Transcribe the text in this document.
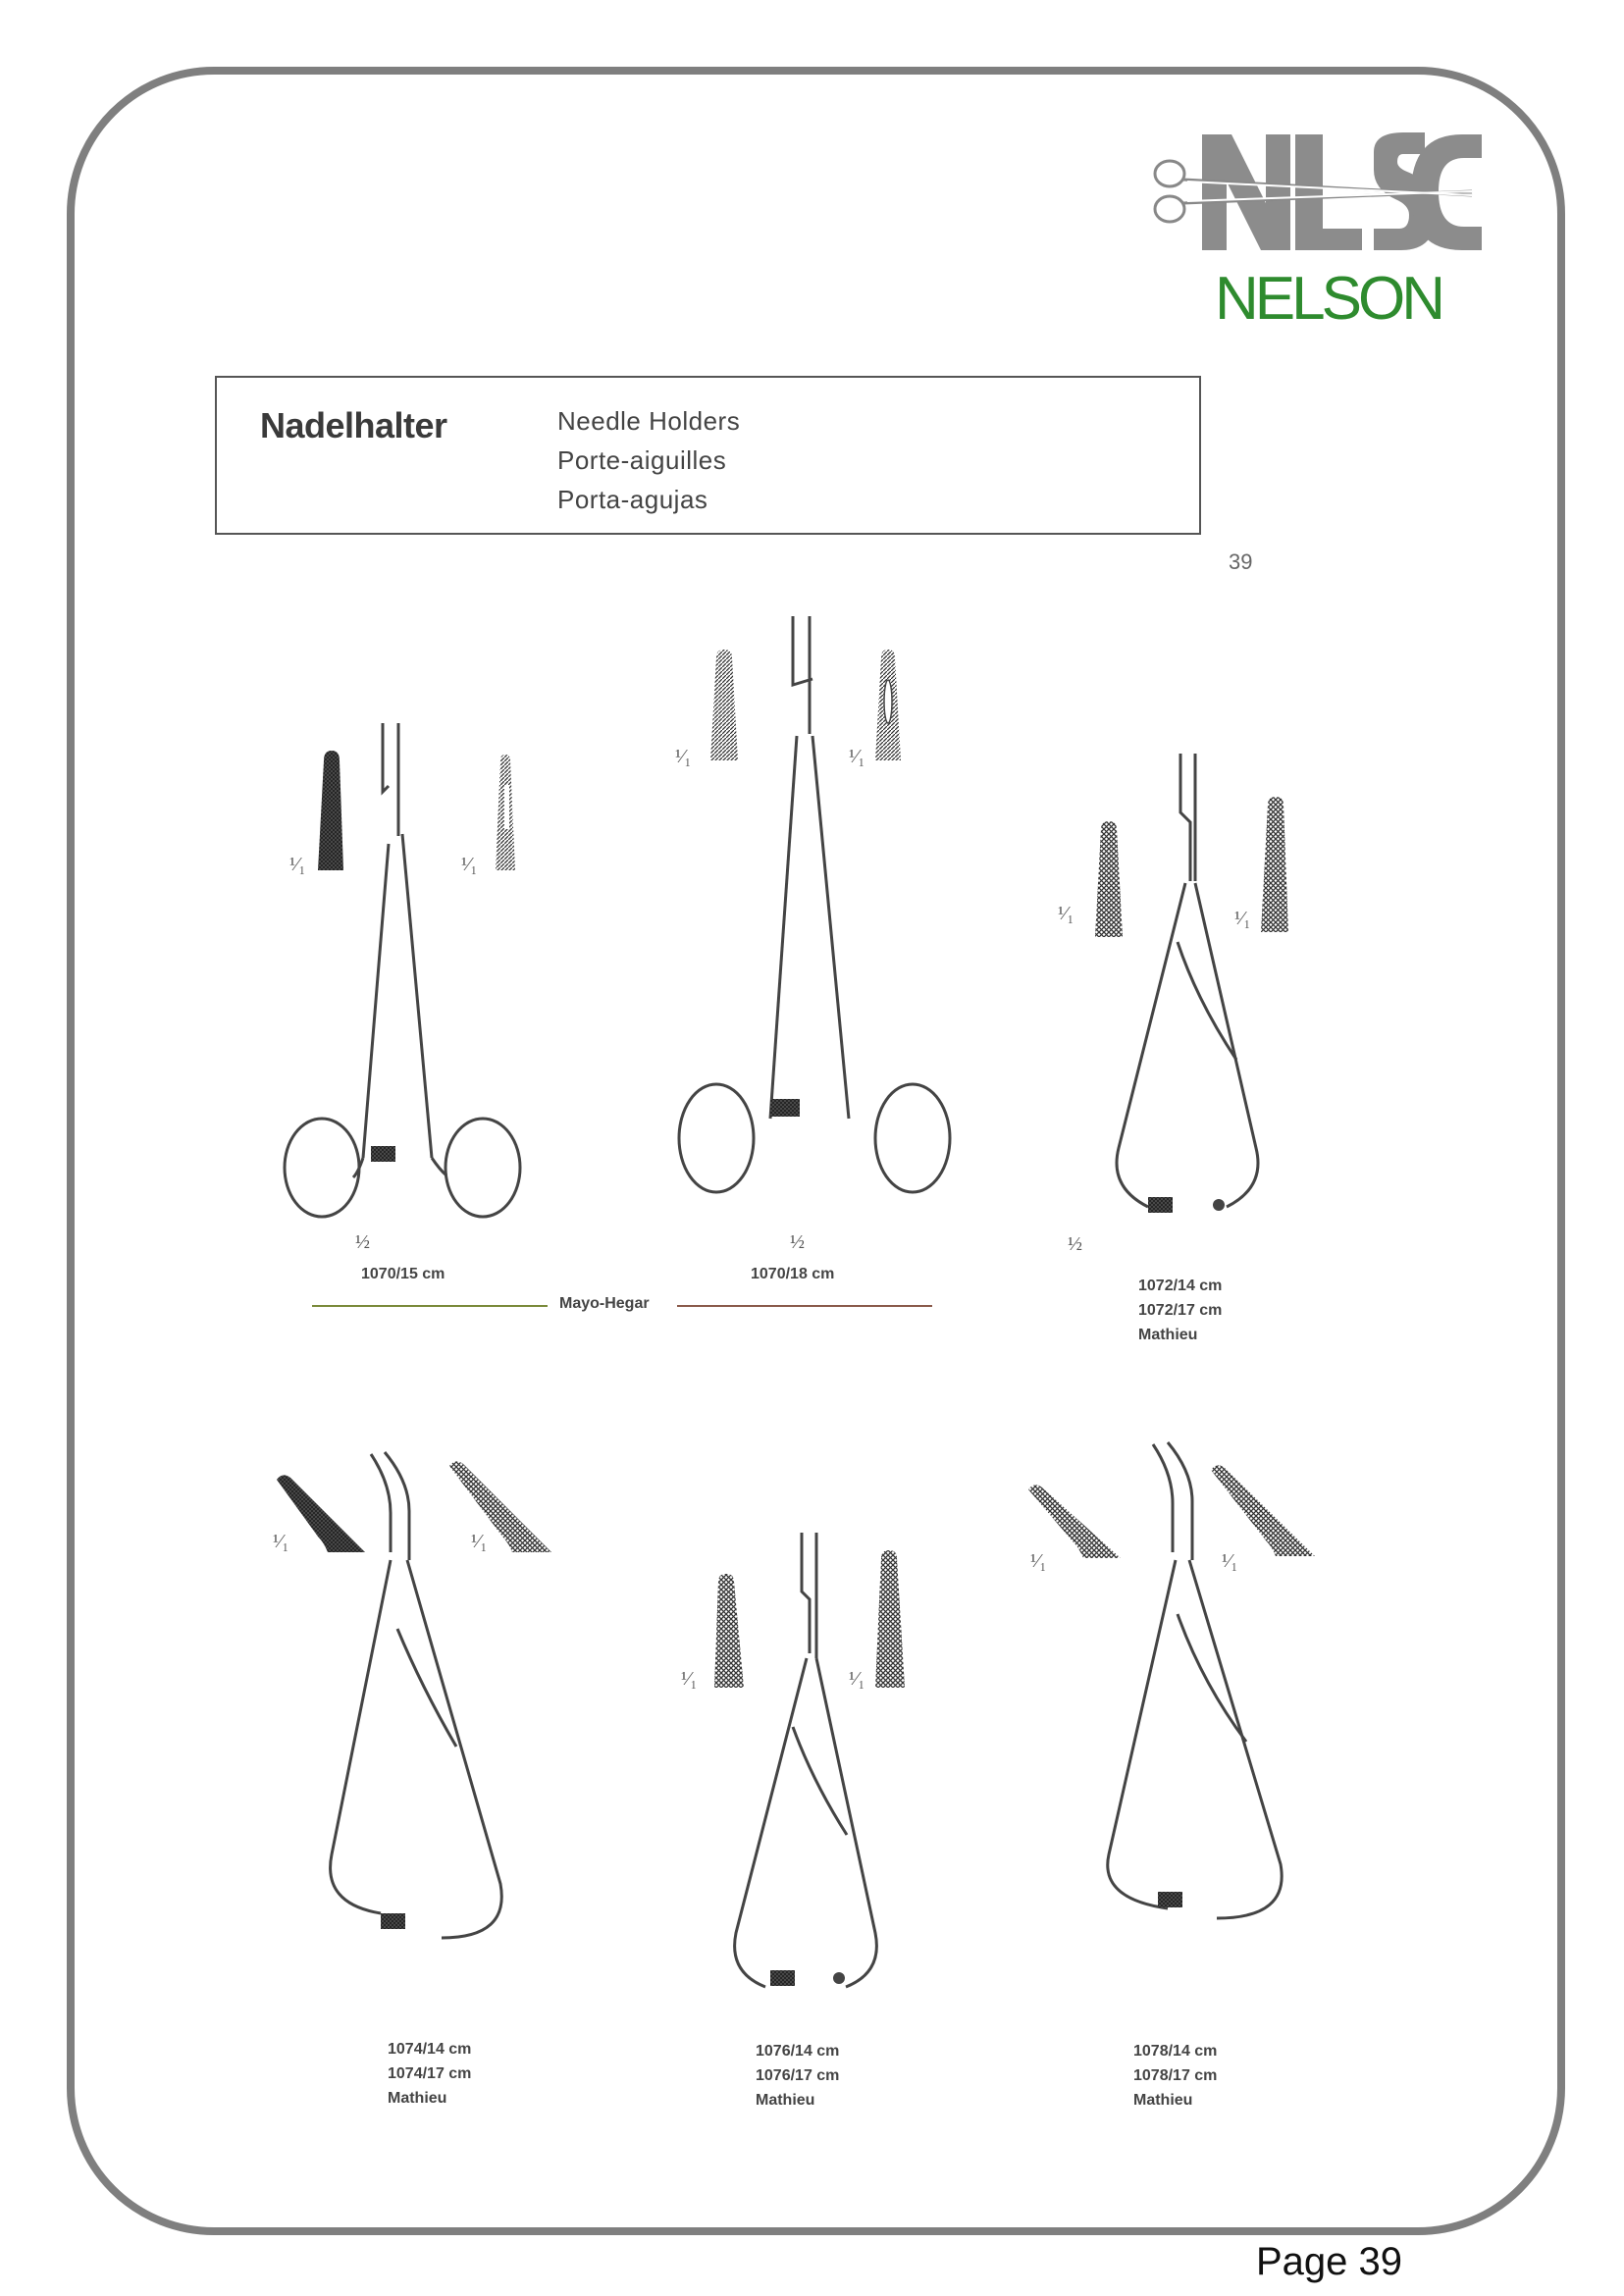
NELSON
Nadelhalter	Needle Holders
Porte-aiguilles
Porta-agujas
39
¹⁄₁	¹⁄₁
½
1070/15 cm
¹⁄₁	¹⁄₁
½
1070/18 cm
Mayo-Hegar
¹⁄₁	¹⁄₁
½
1072/14 cm
1072/17 cm
Mathieu
¹⁄₁	¹⁄₁
1074/14 cm
1074/17 cm
Mathieu
¹⁄₁	¹⁄₁
1076/14 cm
1076/17 cm
Mathieu
¹⁄₁	¹⁄₁
1078/14 cm
1078/17 cm
Mathieu
Page 39
